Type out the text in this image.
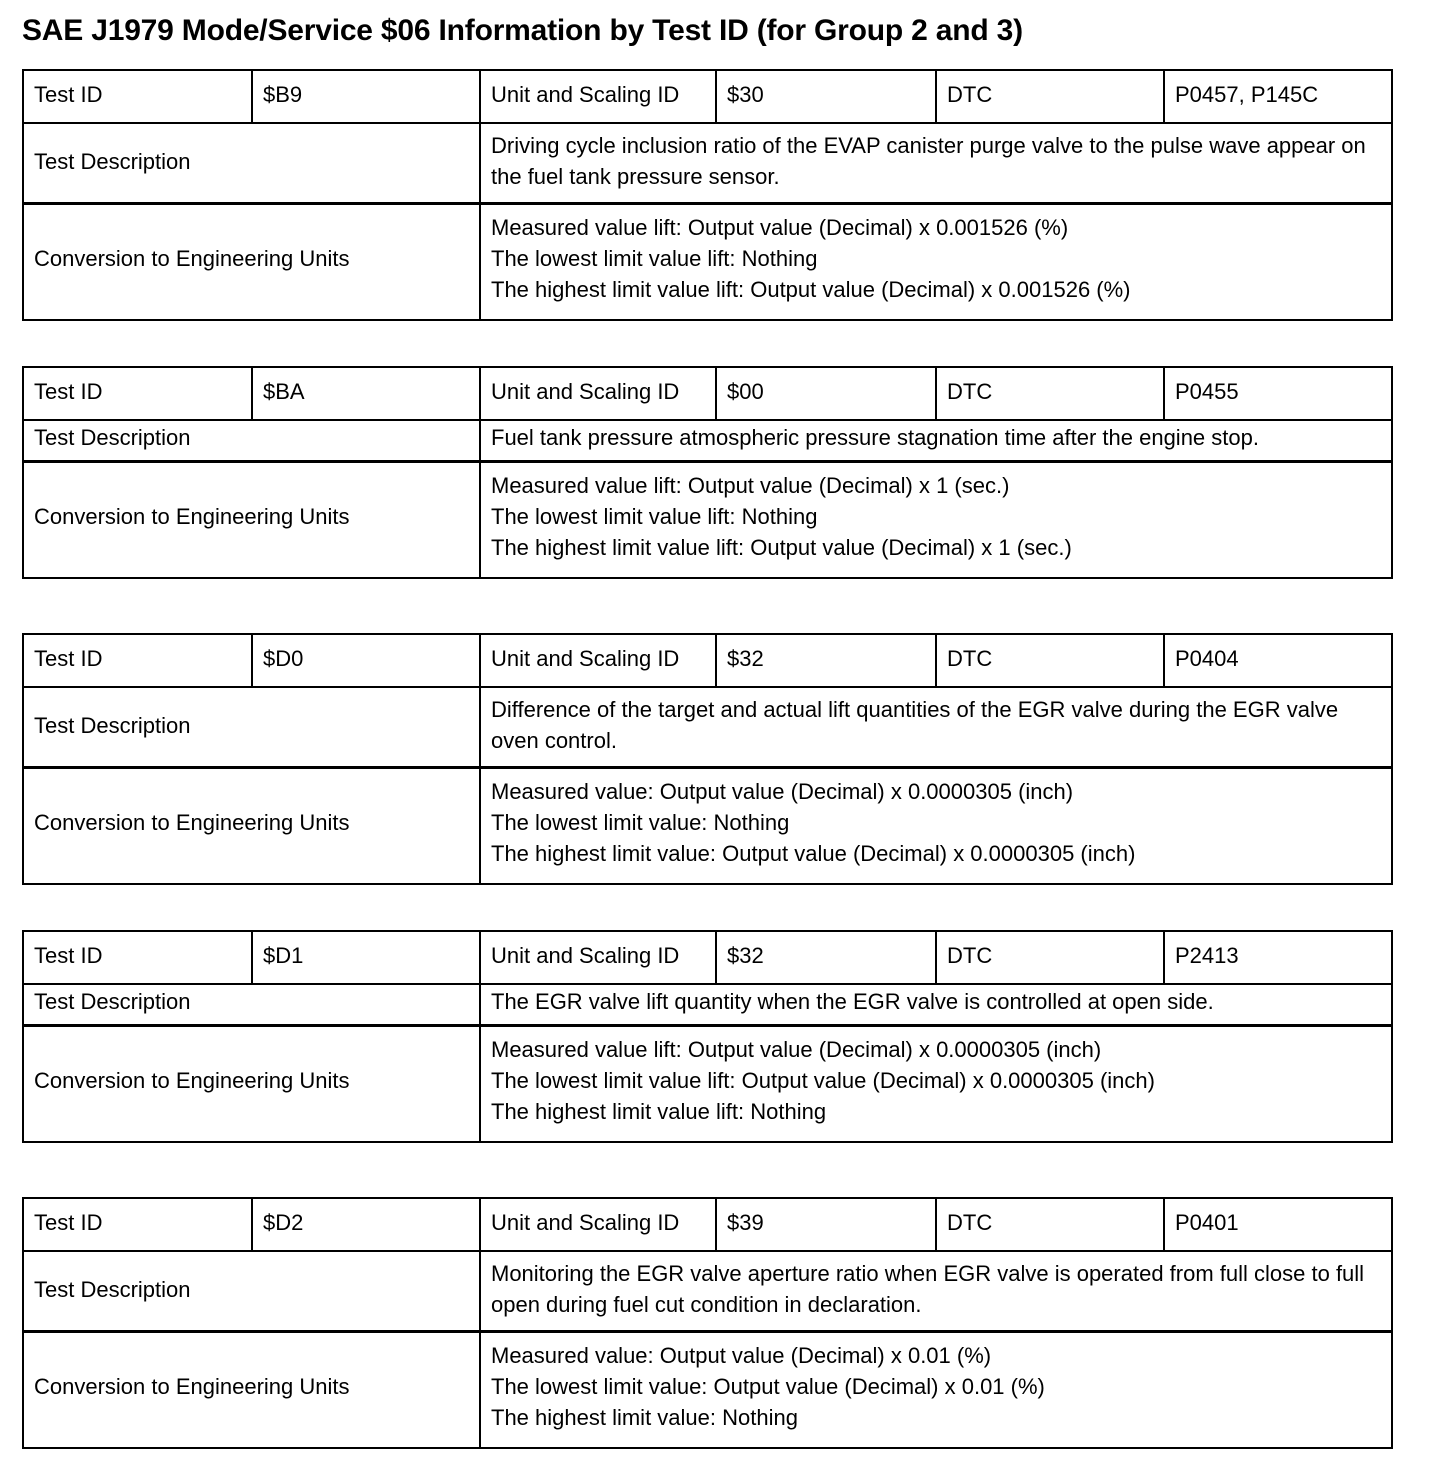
SAE J1979 Mode/Service $06 Information by Test ID (for Group 2 and 3)
Test ID	$B9	Unit and Scaling ID	$30	DTC	P0457, P145C
Test Description		Driving cycle inclusion ratio of the EVAP canister purge valve to the pulse wave appear on the fuel tank pressure sensor.			
Conversion to Engineering Units		Measured value lift: Output value (Decimal) x 0.001526 (%)
The lowest limit value lift: Nothing
The highest limit value lift: Output value (Decimal) x 0.001526 (%)			
Test ID	$BA	Unit and Scaling ID	$00	DTC	P0455
Test Description		Fuel tank pressure atmospheric pressure stagnation time after the engine stop.			
Conversion to Engineering Units		Measured value lift: Output value (Decimal) x 1 (sec.)
The lowest limit value lift: Nothing
The highest limit value lift: Output value (Decimal) x 1 (sec.)			
Test ID	$D0	Unit and Scaling ID	$32	DTC	P0404
Test Description		Difference of the target and actual lift quantities of the EGR valve during the EGR valve oven control.			
Conversion to Engineering Units		Measured value: Output value (Decimal) x 0.0000305 (inch)
The lowest limit value: Nothing
The highest limit value: Output value (Decimal) x 0.0000305 (inch)			
Test ID	$D1	Unit and Scaling ID	$32	DTC	P2413
Test Description		The EGR valve lift quantity when the EGR valve is controlled at open side.			
Conversion to Engineering Units		Measured value lift: Output value (Decimal) x 0.0000305 (inch)
The lowest limit value lift: Output value (Decimal) x 0.0000305 (inch)
The highest limit value lift: Nothing			
Test ID	$D2	Unit and Scaling ID	$39	DTC	P0401
Test Description		Monitoring the EGR valve aperture ratio when EGR valve is operated from full close to full open during fuel cut condition in declaration.			
Conversion to Engineering Units		Measured value: Output value (Decimal) x 0.01 (%)
The lowest limit value: Output value (Decimal) x 0.01 (%)
The highest limit value: Nothing			
